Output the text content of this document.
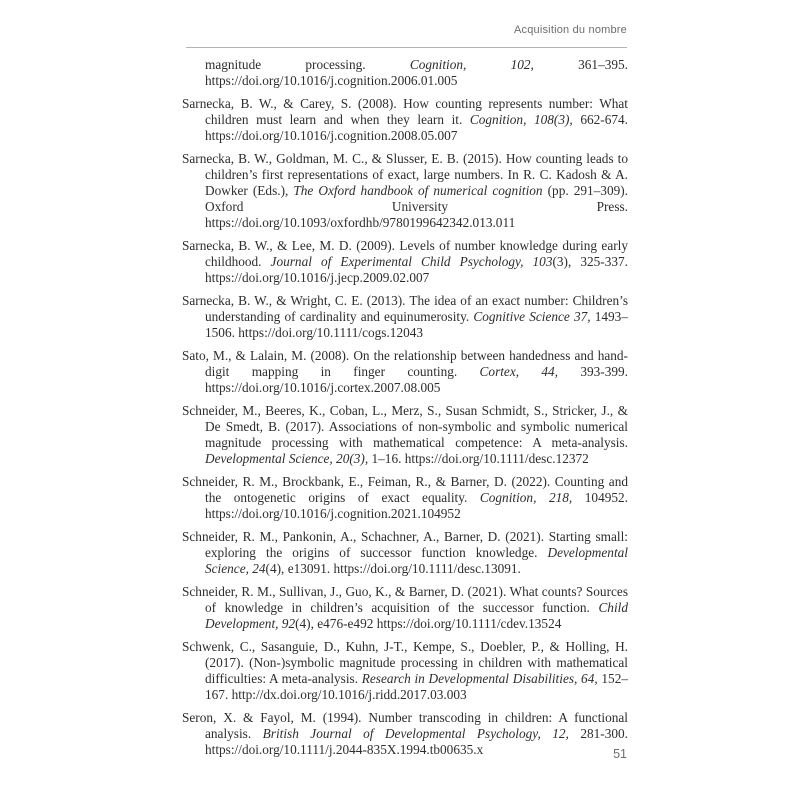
Acquisition du nombre

magnitude processing. Cognition, 102, 361–395. https://doi.org/10.1016/j.cognition.2006.01.005

Sarnecka, B. W., & Carey, S. (2008). How counting represents number: What children must learn and when they learn it. Cognition, 108(3), 662-674. https://doi.org/10.1016/j.cognition.2008.05.007

Sarnecka, B. W., Goldman, M. C., & Slusser, E. B. (2015). How counting leads to children’s first representations of exact, large numbers. In R. C. Kadosh & A. Dowker (Eds.), The Oxford handbook of numerical cognition (pp. 291–309). Oxford University Press. https://doi.org/10.1093/oxfordhb/9780199642342.013.011

Sarnecka, B. W., & Lee, M. D. (2009). Levels of number knowledge during early childhood. Journal of Experimental Child Psychology, 103(3), 325-337. https://doi.org/10.1016/j.jecp.2009.02.007

Sarnecka, B. W., & Wright, C. E. (2013). The idea of an exact number: Children’s understanding of cardinality and equinumerosity. Cognitive Science 37, 1493–1506. https://doi.org/10.1111/cogs.12043

Sato, M., & Lalain, M. (2008). On the relationship between handedness and hand-digit mapping in finger counting. Cortex, 44, 393-399. https://doi.org/10.1016/j.cortex.2007.08.005

Schneider, M., Beeres, K., Coban, L., Merz, S., Susan Schmidt, S., Stricker, J., & De Smedt, B. (2017). Associations of non-symbolic and symbolic numerical magnitude processing with mathematical competence: A meta-analysis. Developmental Science, 20(3), 1–16. https://doi.org/10.1111/desc.12372

Schneider, R. M., Brockbank, E., Feiman, R., & Barner, D. (2022). Counting and the ontogenetic origins of exact equality. Cognition, 218, 104952. https://doi.org/10.1016/j.cognition.2021.104952

Schneider, R. M., Pankonin, A., Schachner, A., Barner, D. (2021). Starting small: exploring the origins of successor function knowledge. Developmental Science, 24(4), e13091. https://doi.org/10.1111/desc.13091.

Schneider, R. M., Sullivan, J., Guo, K., & Barner, D. (2021). What counts? Sources of knowledge in children’s acquisition of the successor function. Child Development, 92(4), e476-e492 https://doi.org/10.1111/cdev.13524

Schwenk, C., Sasanguie, D., Kuhn, J-T., Kempe, S., Doebler, P., & Holling, H. (2017). (Non-)symbolic magnitude processing in children with mathematical difficulties: A meta-analysis. Research in Developmental Disabilities, 64, 152–167. http://dx.doi.org/10.1016/j.ridd.2017.03.003

Seron, X. & Fayol, M. (1994). Number transcoding in children: A functional analysis. British Journal of Developmental Psychology, 12, 281-300. https://doi.org/10.1111/j.2044-835X.1994.tb00635.x	51
